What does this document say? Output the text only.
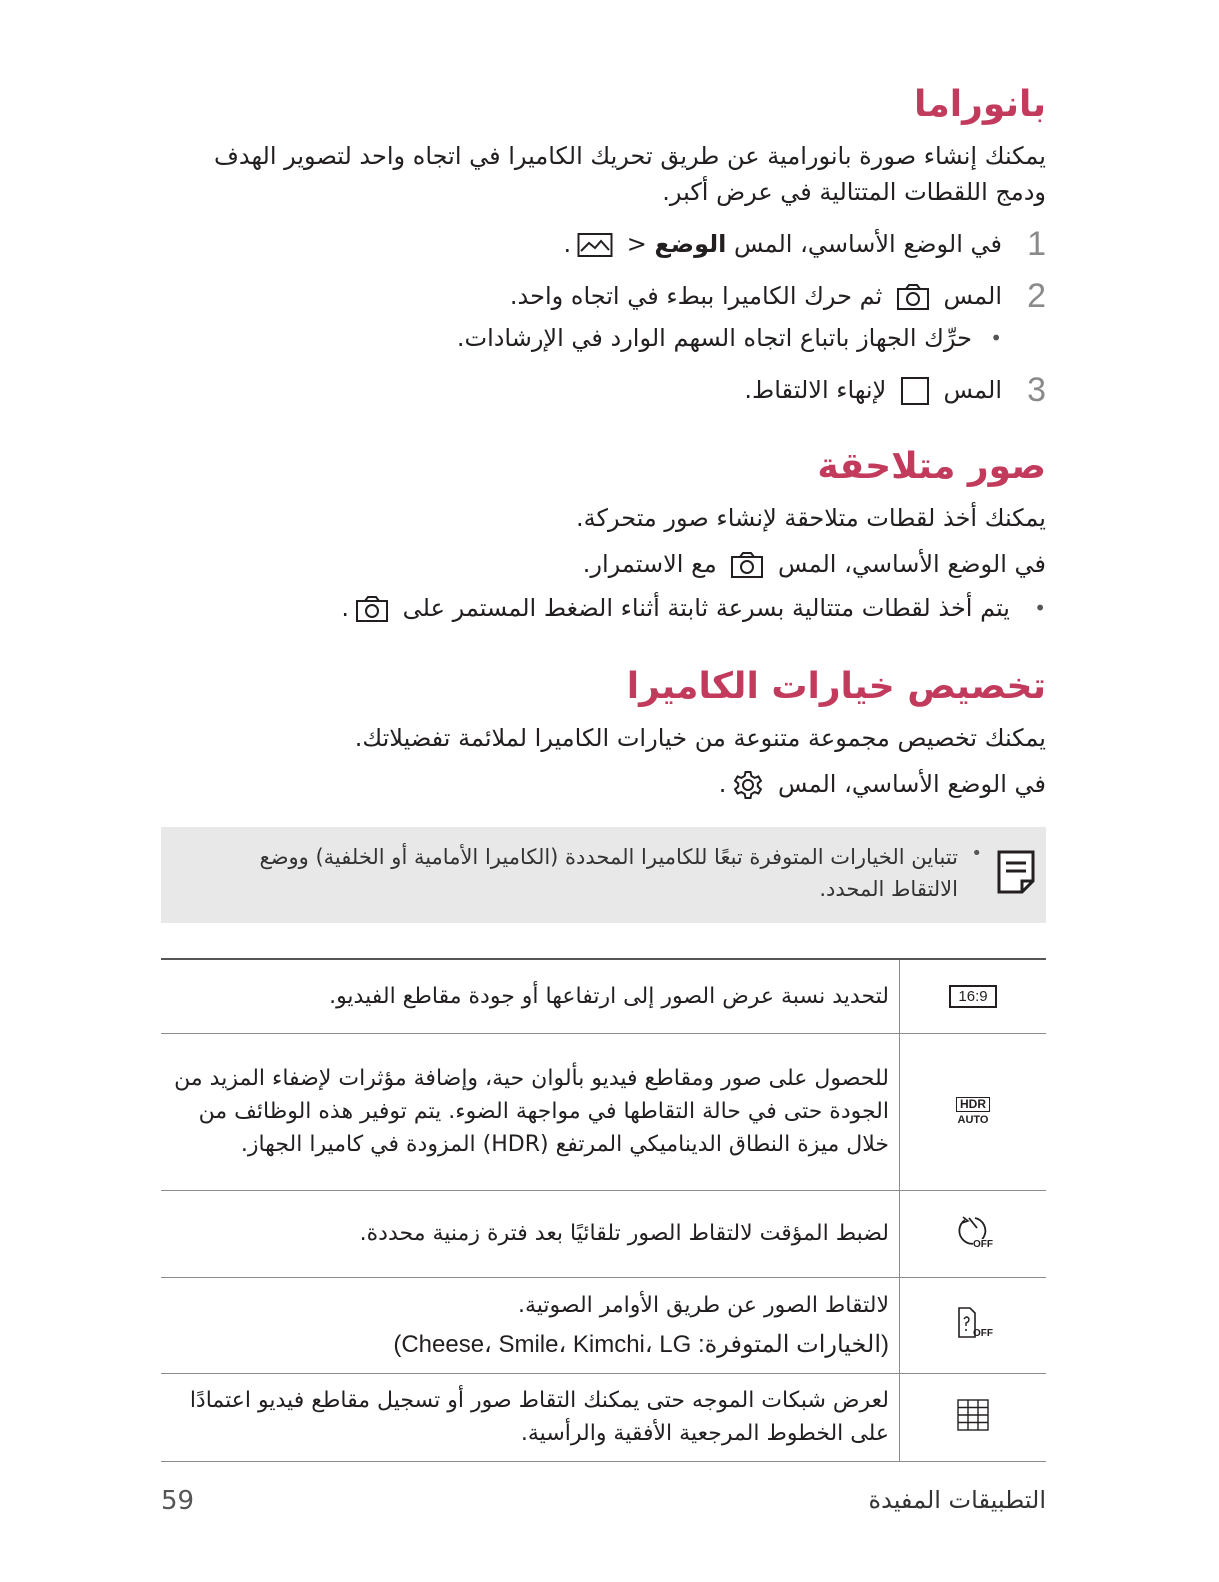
بانوراما

يمكنك إنشاء صورة بانورامية عن طريق تحريك الكاميرا في اتجاه واحد لتصوير الهدف ودمج اللقطات المتتالية في عرض أكبر.

1
في الوضع الأساسي، المس الوضع < .
2
المس  ثم حرك الكاميرا ببطء في اتجاه واحد.
•
حرِّك الجهاز باتباع اتجاه السهم الوارد في الإرشادات.
3
المس  لإنهاء الالتقاط.
صور متلاحقة

يمكنك أخذ لقطات متلاحقة لإنشاء صور متحركة.

في الوضع الأساسي، المس  مع الاستمرار.

•
يتم أخذ لقطات متتالية بسرعة ثابتة أثناء الضغط المستمر على .
تخصيص خيارات الكاميرا

يمكنك تخصيص مجموعة متنوعة من خيارات الكاميرا لملائمة تفضيلاتك.

في الوضع الأساسي، المس .

•
تتباين الخيارات المتوفرة تبعًا للكاميرا المحددة (الكاميرا الأمامية أو الخلفية) ووضع الالتقاط المحدد.
16:9	لتحديد نسبة عرض الصور إلى ارتفاعها أو جودة مقاطع الفيديو.
HDR
AUTO	للحصول على صور ومقاطع فيديو بألوان حية، وإضافة مؤثرات لإضفاء المزيد من الجودة حتى في حالة التقاطها في مواجهة الضوء. يتم توفير هذه الوظائف من خلال ميزة النطاق الديناميكي المرتفع (HDR) المزودة في كاميرا الجهاز.

OFF	لضبط المؤقت لالتقاط الصور تلقائيًا بعد فترة زمنية محددة.

OFF	لالتقاط الصور عن طريق الأوامر الصوتية.
(الخيارات المتوفرة: Cheese، Smile، Kimchi، LG)

	لعرض شبكات الموجه حتى يمكنك التقاط صور أو تسجيل مقاطع فيديو اعتمادًا على الخطوط المرجعية الأفقية والرأسية.
التطبيقات المفيدة
59
